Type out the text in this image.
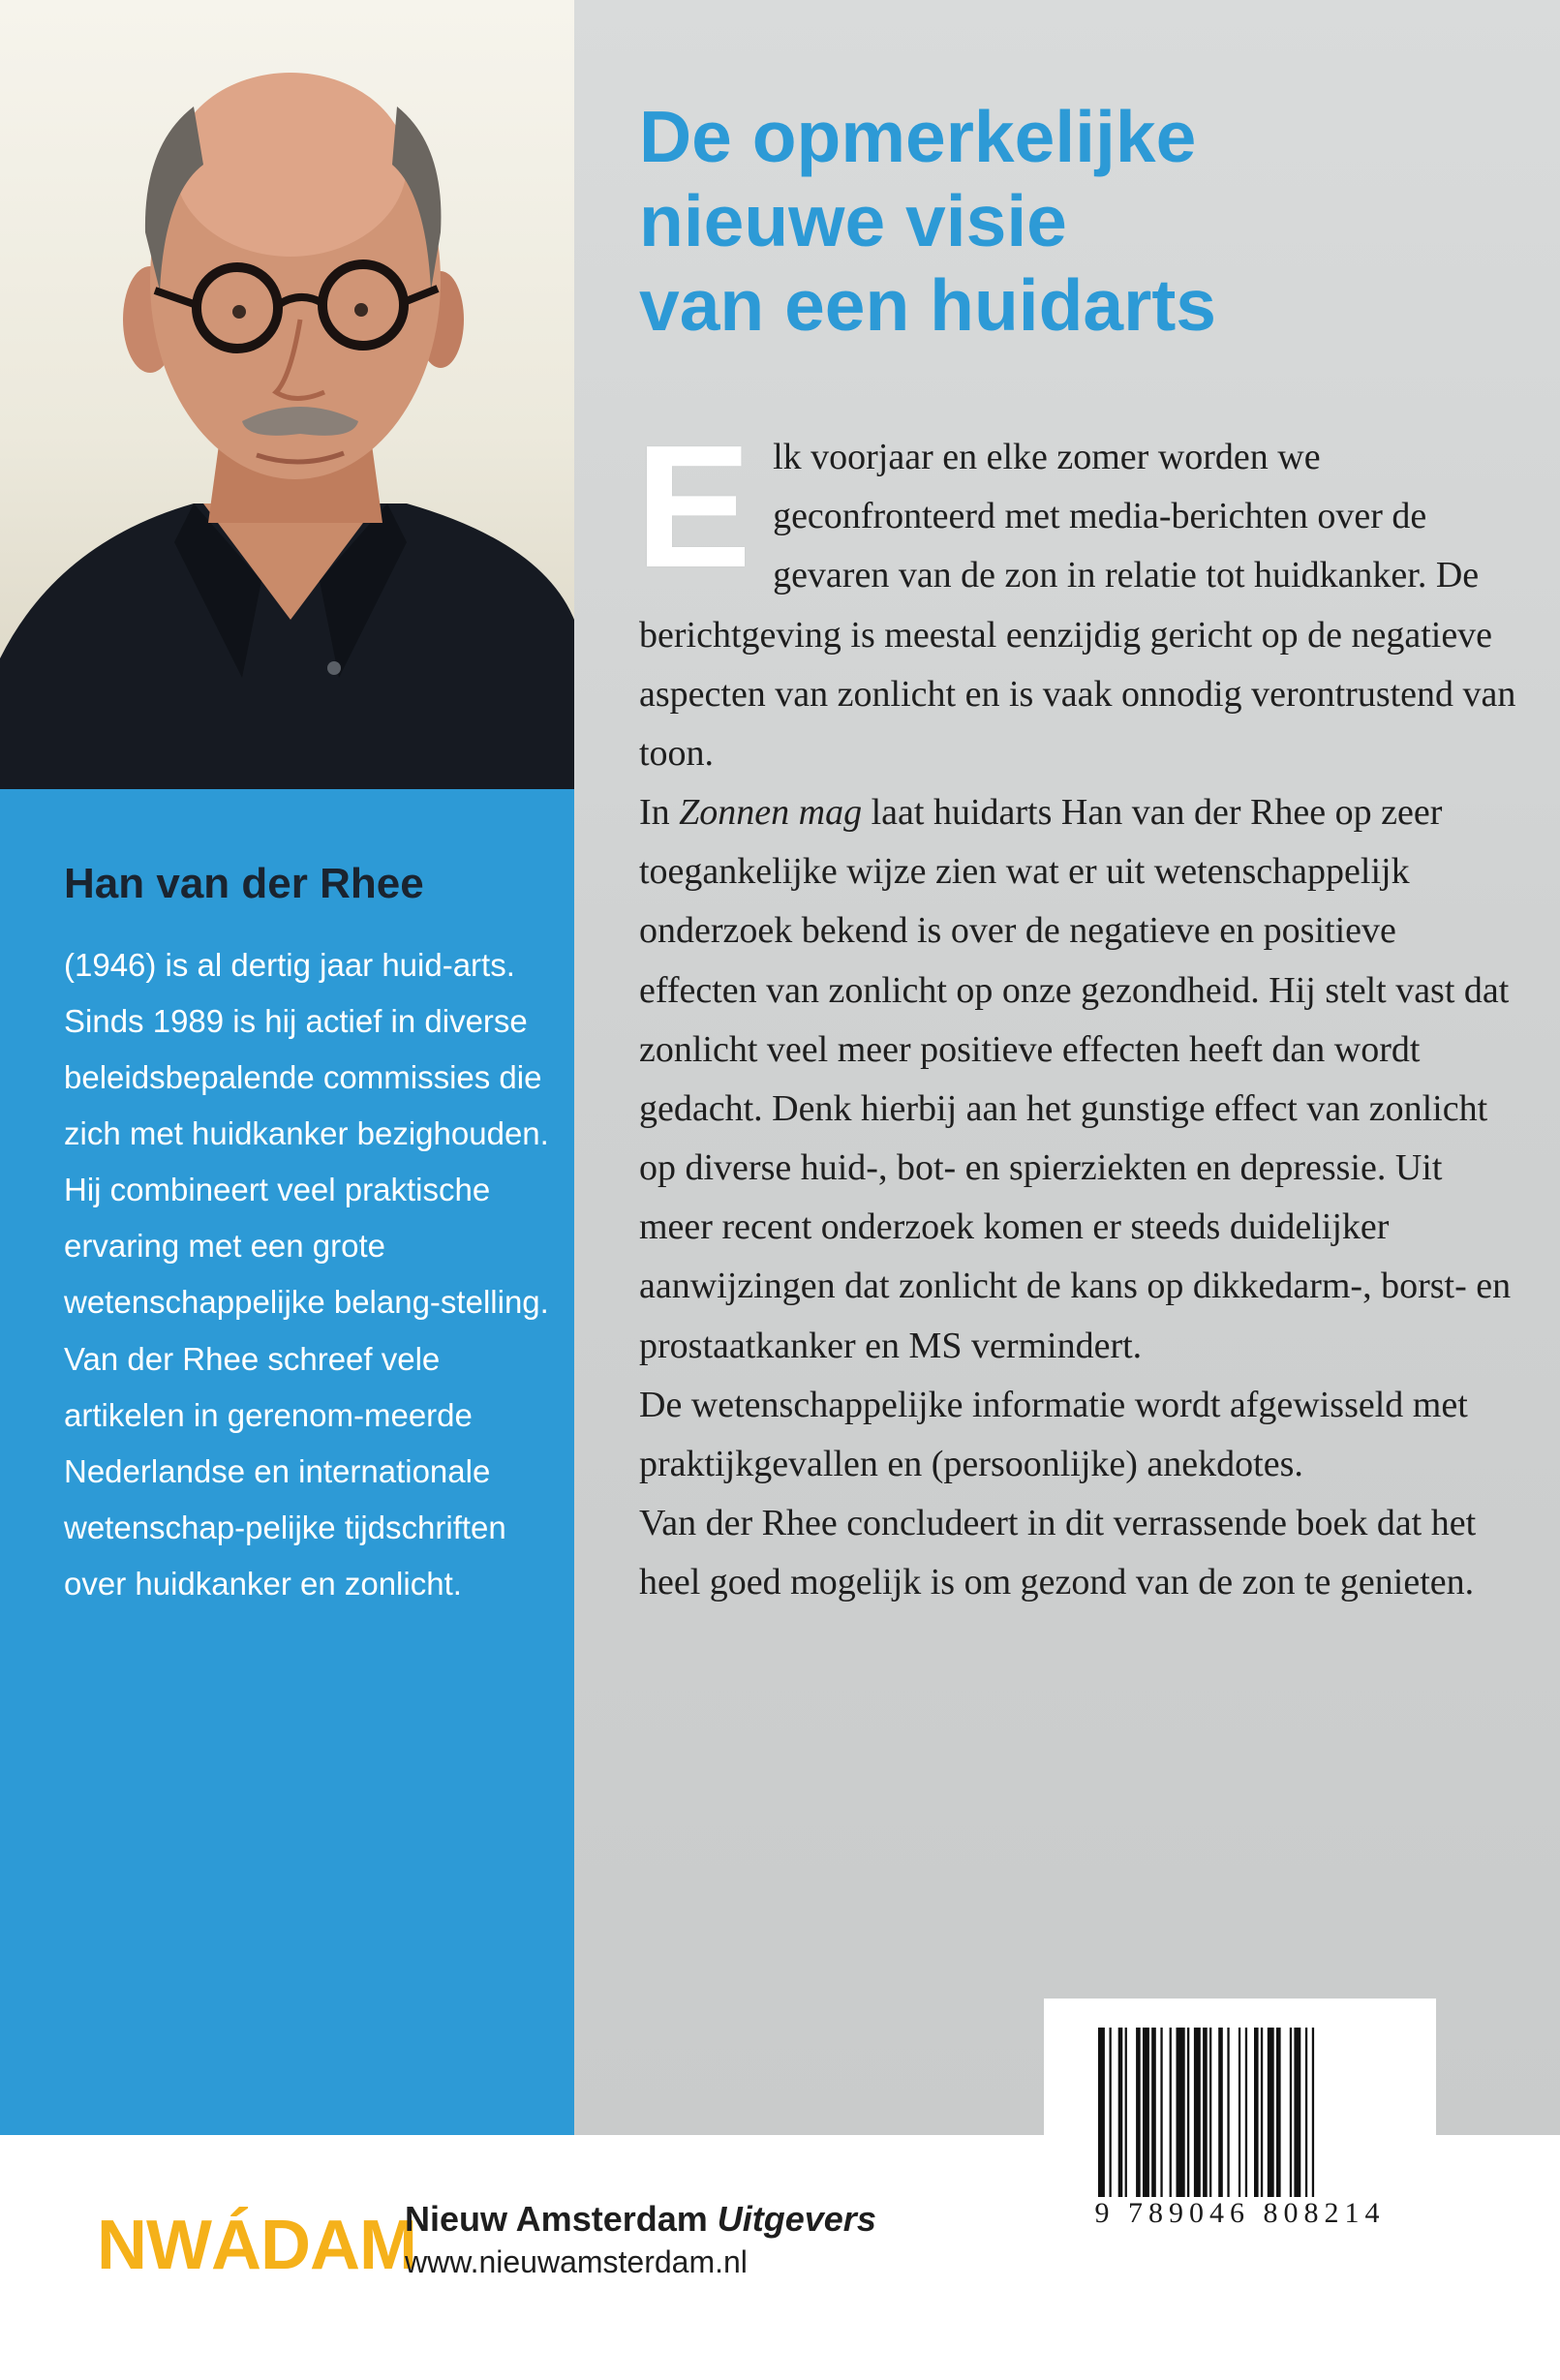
Han van der Rhee

(1946) is al dertig jaar huid-arts. Sinds 1989 is hij actief in diverse beleidsbepalende commissies die zich met huidkanker bezighouden. Hij combineert veel praktische ervaring met een grote wetenschappelijke belang-stelling. Van der Rhee schreef vele artikelen in gerenom-meerde Nederlandse en internationale wetenschap-pelijke tijdschriften over huidkanker en zonlicht.

De opmerkelijke
nieuwe visie
van een huidarts
E lk voorjaar en elke zomer worden we geconfronteerd met media-berichten over de gevaren van de zon in relatie tot huidkanker. De berichtgeving is meestal eenzijdig gericht op de negatieve aspecten van zonlicht en is vaak onnodig verontrustend van toon.

In Zonnen mag laat huidarts Han van der Rhee op zeer toegankelijke wijze zien wat er uit wetenschappelijk onderzoek bekend is over de negatieve en positieve effecten van zonlicht op onze gezondheid. Hij stelt vast dat zonlicht veel meer positieve effecten heeft dan wordt gedacht. Denk hierbij aan het gunstige effect van zonlicht op diverse huid-, bot- en spierziekten en depressie. Uit meer recent onderzoek komen er steeds duidelijker aanwijzingen dat zonlicht de kans op dikkedarm-, borst- en prostaatkanker en MS vermindert.

De wetenschappelijke informatie wordt afgewisseld met praktijkgevallen en (persoonlijke) anekdotes.

Van der Rhee concludeert in dit verrassende boek dat het heel goed mogelijk is om gezond van de zon te genieten.

9 789046 808214
NWÁDAM
Nieuw Amsterdam Uitgevers
www.nieuwamsterdam.nl
